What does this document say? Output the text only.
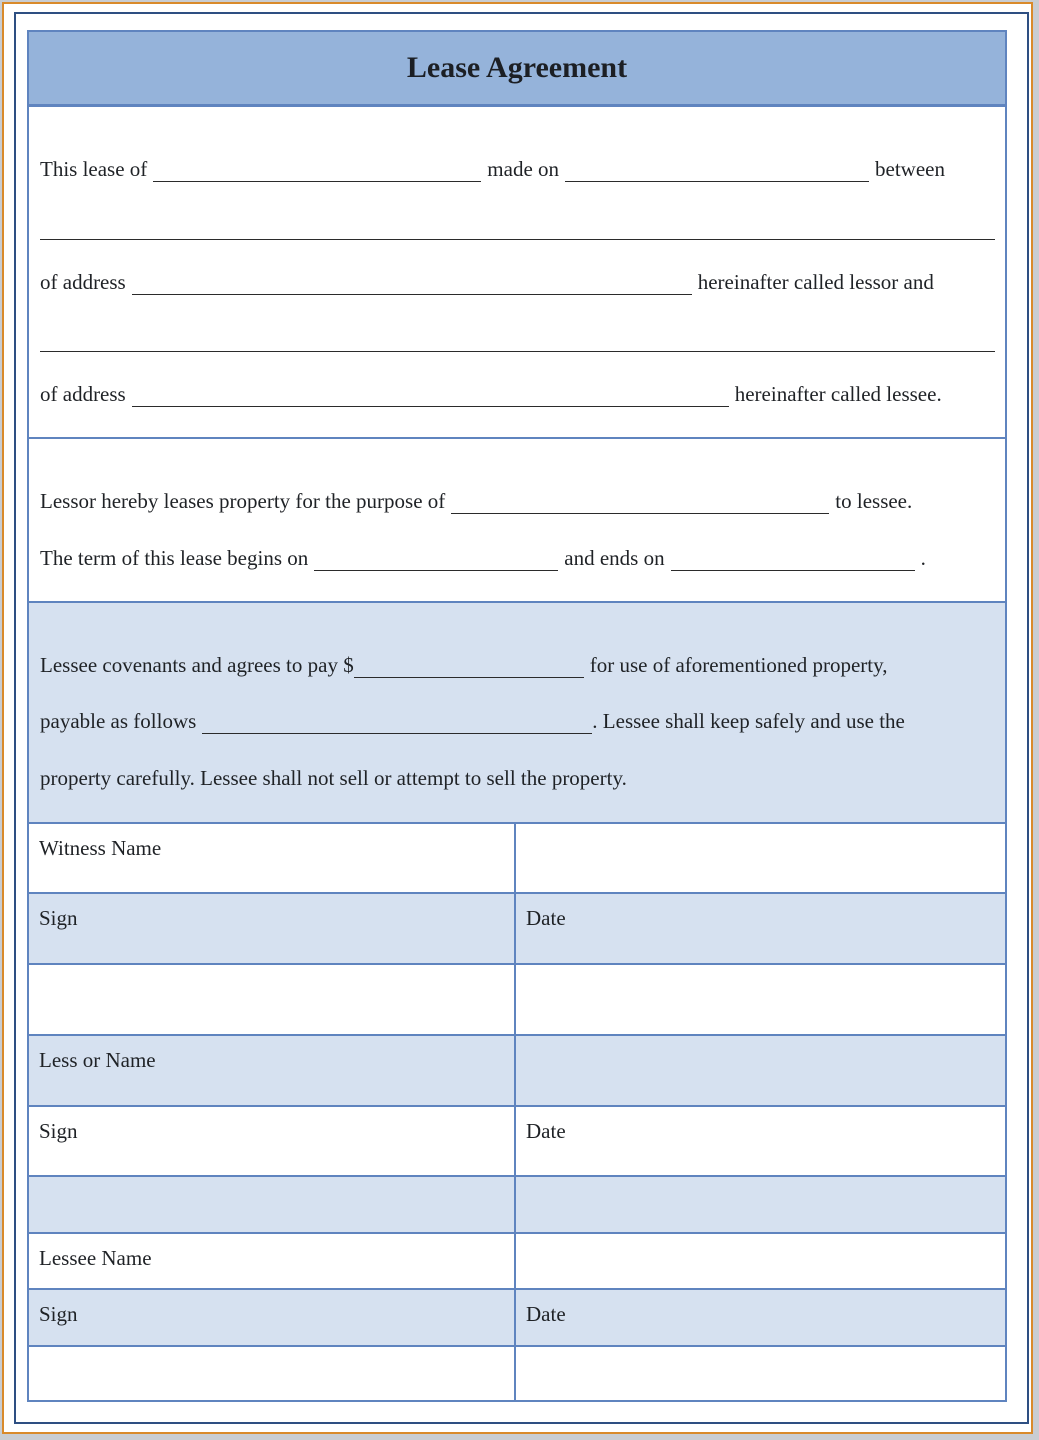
Lease Agreement
This lease of	made on	between
of address	hereinafter called lessor and
of address	hereinafter called lessee.
Lessor hereby leases property for the purpose of	to lessee.
The term of this lease begins on	and ends on	.
Lessee covenants and agrees to pay $	for use of aforementioned property,
payable as follows	. Lessee shall keep safely and use the
property carefully. Lessee shall not sell or attempt to sell the property.
Witness Name
Sign	Date
Less or Name
Sign	Date
Lessee Name
Sign	Date
